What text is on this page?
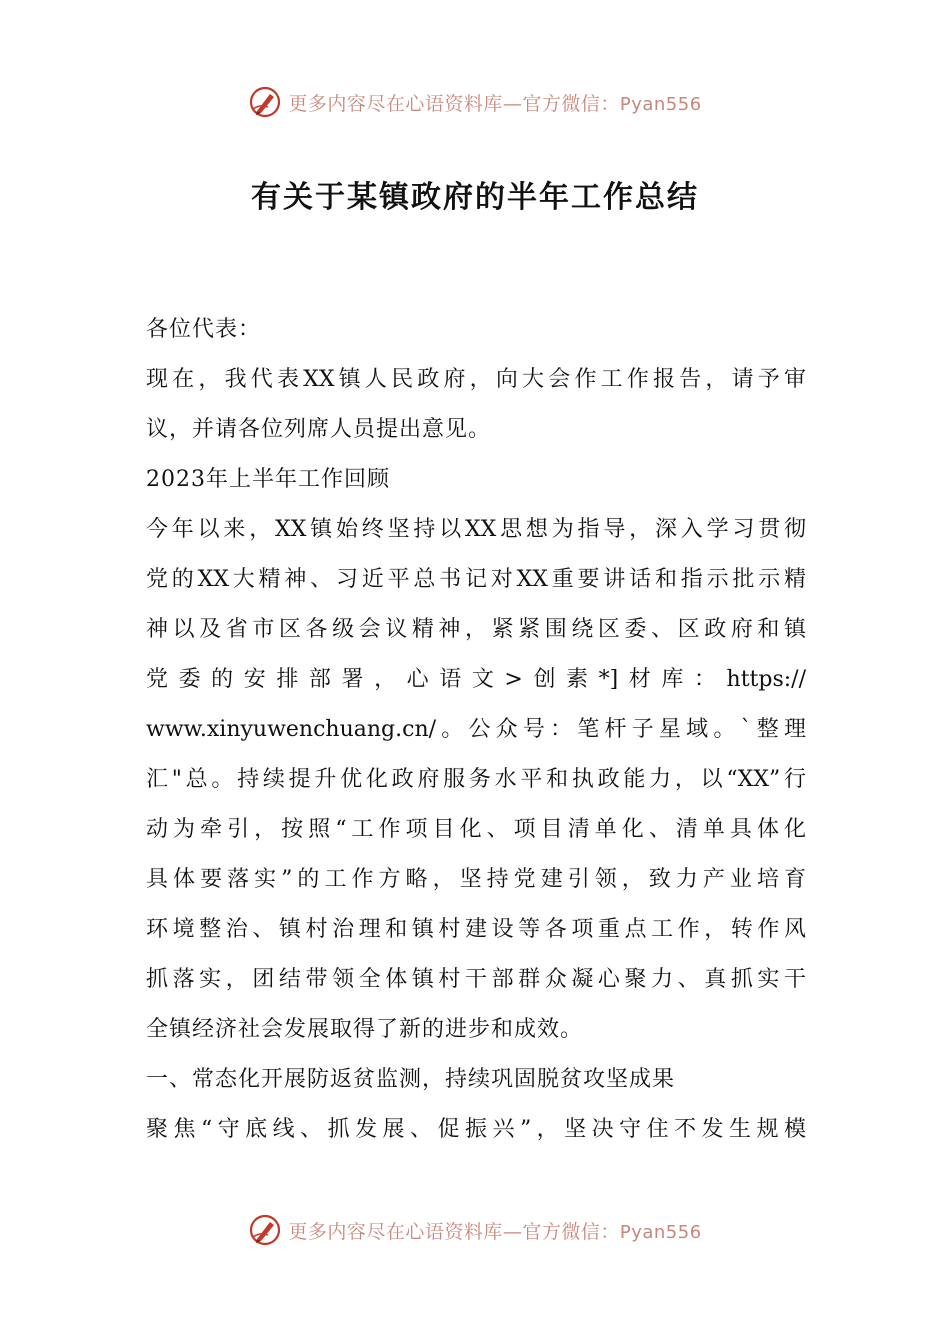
更多内容尽在心语资料库—官方微信：Pyan556
有关于某镇政府的半年工作总结
各位代表：
现在，我代表XX镇人民政府，向大会作工作报告，请予审
议，并请各位列席人员提出意见。
2023年上半年工作回顾
今年以来，XX镇始终坚持以XX思想为指导，深入学习贯彻
党的XX大精神、习近平总书记对XX重要讲话和指示批示精
神以及省市区各级会议精神，紧紧围绕区委、区政府和镇
党委的安排部署，心语文>创素*]材库：https://
www.xinyuwenchuang.cn/。公众号：笔杆子星域。`整理
汇"总。持续提升优化政府服务水平和执政能力，以“XX”行
动为牵引，按照“工作项目化、项目清单化、清单具体化
具体要落实”的工作方略，坚持党建引领，致力产业培育
环境整治、镇村治理和镇村建设等各项重点工作，转作风
抓落实，团结带领全体镇村干部群众凝心聚力、真抓实干
全镇经济社会发展取得了新的进步和成效。
一、常态化开展防返贫监测，持续巩固脱贫攻坚成果
聚焦“守底线、抓发展、促振兴”，坚决守住不发生规模
更多内容尽在心语资料库—官方微信：Pyan556
